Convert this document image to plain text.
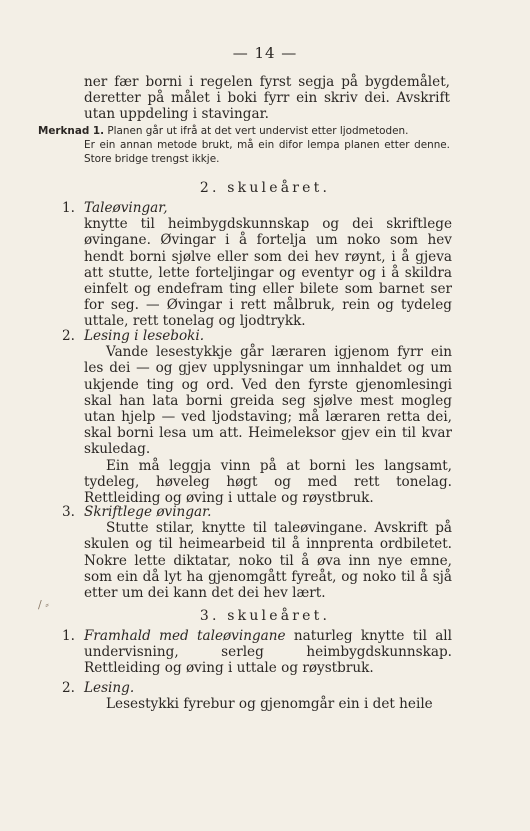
— 14 —

ner fær borni i regelen fyrst segja på bygdemålet, deretter på målet i boki fyrr ein skriv dei. Avskrift utan uppdeling i stavingar.

Merknad 1. Planen går ut ifrå at det vert undervist etter ljodmetoden.
Er ein annan metode brukt, må ein difor lempa planen etter denne. Store bridge trengst ikkje.
2. skuleåret.
1. Taleøvingar,
knytte til heimbygdskunnskap og dei skriftlege øvingane. Øvingar i å fortelja um noko som hev hendt borni sjølve eller som dei hev røynt, i å gjeva att stutte, lette forteljingar og eventyr og i å skildra einfelt og endefram ting eller bilete som barnet ser for seg. — Øvingar i rett målbruk, rein og tydeleg uttale, rett tonelag og ljodtrykk.
2. Lesing i leseboki.

Vande lesestykkje går læraren igjenom fyrr ein les dei — og gjev upplysningar um innhaldet og um ukjende ting og ord. Ved den fyrste gjenomlesingi skal han lata borni greida seg sjølve mest mogleg utan hjelp — ved ljodstaving; må læraren retta dei, skal borni lesa um att. Heimeleksor gjev ein til kvar skuledag.

Ein må leggja vinn på at borni les langsamt, tydeleg, høveleg høgt og med rett tonelag. Rettleiding og øving i uttale og røystbruk.

3. Skriftlege øvingar.

Stutte stilar, knytte til taleøvingane. Avskrift på skulen og til heimearbeid til å innprenta ordbiletet. Nokre lette diktatar, noko til å øva inn nye emne, som ein då lyt ha gjenomgått fyreåt, og noko til å sjå etter um dei kann det dei hev lært.

/ ⸗
3. skuleåret.
1. Framhald med taleøvingane naturleg knytte til all undervisning, serleg heimbygdskunnskap. Rettleiding og øving i uttale og røystbruk.

2. Lesing.

Lesestykki fyrebur og gjenomgår ein i det heile
